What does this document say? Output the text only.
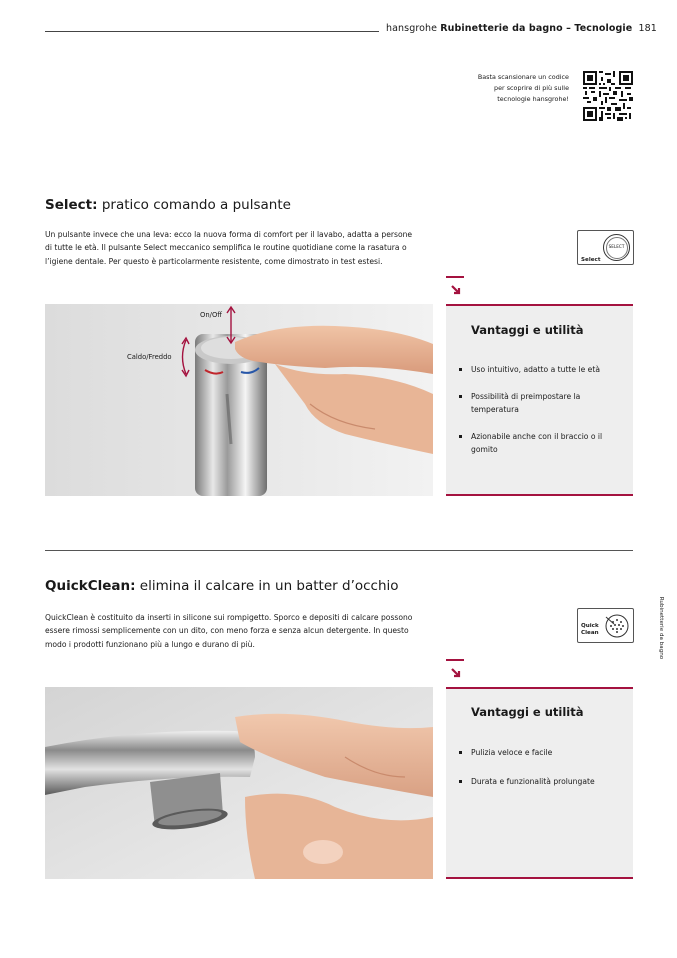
hansgrohe Rubinetterie da bagno – Tecnologie 181
Basta scansionare un codice
per scoprire di più sulle
tecnologie hansgrohe!
Select: pratico comando a pulsante
Un pulsante invece che una leva: ecco la nuova forma di comfort per il lavabo, adatta a persone
di tutte le età. Il pulsante Select meccanico semplifica le routine quotidiane come la rasatura o
l’igiene dentale. Per questo è particolarmente resistente, come dimostrato in test estesi.
SELECT
Select
On/Off
Caldo/Freddo
Vantaggi e utilità
Uso intuitivo, adatto a tutte le età
Possibilità di preimpostare la temperatura
Azionabile anche con il braccio o il gomito
QuickClean: elimina il calcare in un batter d’occhio
QuickClean è costituito da inserti in silicone sui rompigetto. Sporco e depositi di calcare possono
essere rimossi semplicemente con un dito, con meno forza e senza alcun detergente. In questo
modo i prodotti funzionano più a lungo e durano di più.
Quick
Clean
Vantaggi e utilità
Pulizia veloce e facile
Durata e funzionalità prolungate
Rubinetterie da bagno
